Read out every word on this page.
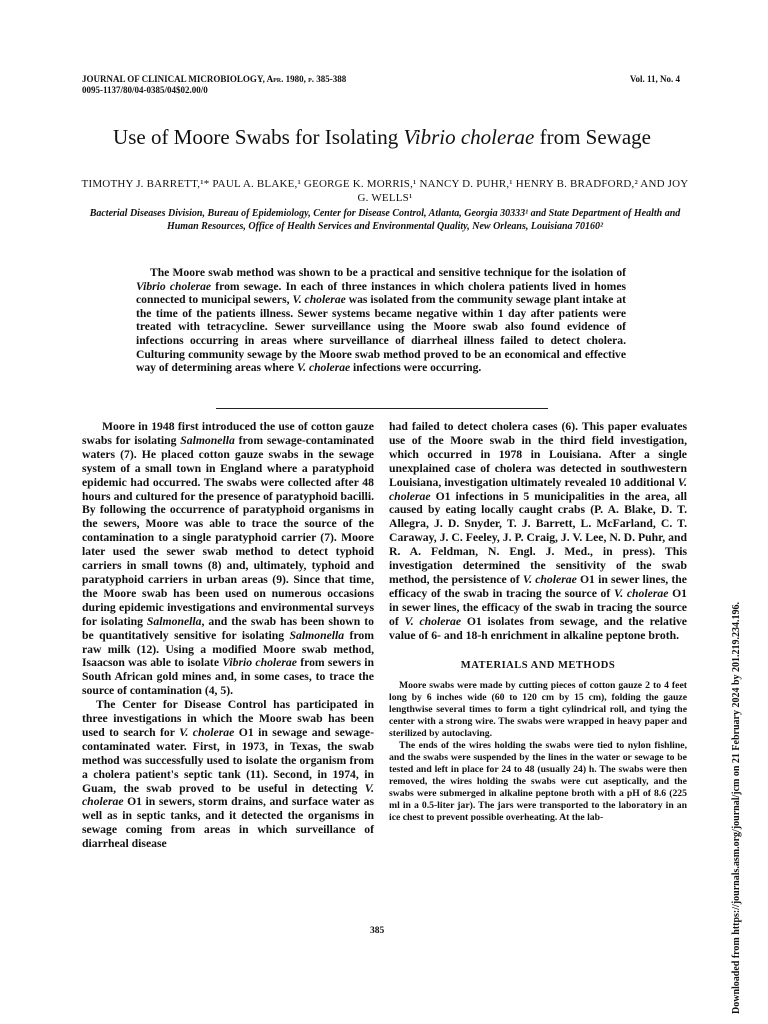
JOURNAL OF CLINICAL MICROBIOLOGY, Apr. 1980, p. 385-388
0095-1137/80/04-0385/04$02.00/0
Vol. 11, No. 4
Use of Moore Swabs for Isolating Vibrio cholerae from Sewage
TIMOTHY J. BARRETT,¹* PAUL A. BLAKE,¹ GEORGE K. MORRIS,¹ NANCY D. PUHR,¹ HENRY B. BRADFORD,² AND JOY G. WELLS¹
Bacterial Diseases Division, Bureau of Epidemiology, Center for Disease Control, Atlanta, Georgia 30333¹ and State Department of Health and Human Resources, Office of Health Services and Environmental Quality, New Orleans, Louisiana 70160²

The Moore swab method was shown to be a practical and sensitive technique for the isolation of Vibrio cholerae from sewage. In each of three instances in which cholera patients lived in homes connected to municipal sewers, V. cholerae was isolated from the community sewage plant intake at the time of the patients illness. Sewer systems became negative within 1 day after patients were treated with tetracycline. Sewer surveillance using the Moore swab also found evidence of infections occurring in areas where surveillance of diarrheal illness failed to detect cholera. Culturing community sewage by the Moore swab method proved to be an economical and effective way of determining areas where V. cholerae infections were occurring.

Moore in 1948 first introduced the use of cotton gauze swabs for isolating Salmonella from sewage-contaminated waters (7). He placed cotton gauze swabs in the sewage system of a small town in England where a paratyphoid epidemic had occurred. The swabs were collected after 48 hours and cultured for the presence of paratyphoid bacilli. By following the occurrence of paratyphoid organisms in the sewers, Moore was able to trace the source of the contamination to a single paratyphoid carrier (7). Moore later used the sewer swab method to detect typhoid carriers in small towns (8) and, ultimately, typhoid and paratyphoid carriers in urban areas (9). Since that time, the Moore swab has been used on numerous occasions during epidemic investigations and environmental surveys for isolating Salmonella, and the swab has been shown to be quantitatively sensitive for isolating Salmonella from raw milk (12). Using a modified Moore swab method, Isaacson was able to isolate Vibrio cholerae from sewers in South African gold mines and, in some cases, to trace the source of contamination (4, 5).

The Center for Disease Control has participated in three investigations in which the Moore swab has been used to search for V. cholerae O1 in sewage and sewage-contaminated water. First, in 1973, in Texas, the swab method was successfully used to isolate the organism from a cholera patient's septic tank (11). Second, in 1974, in Guam, the swab proved to be useful in detecting V. cholerae O1 in sewers, storm drains, and surface water as well as in septic tanks, and it detected the organisms in sewage coming from areas in which surveillance of diarrheal disease

had failed to detect cholera cases (6). This paper evaluates use of the Moore swab in the third field investigation, which occurred in 1978 in Louisiana. After a single unexplained case of cholera was detected in southwestern Louisiana, investigation ultimately revealed 10 additional V. cholerae O1 infections in 5 municipalities in the area, all caused by eating locally caught crabs (P. A. Blake, D. T. Allegra, J. D. Snyder, T. J. Barrett, L. McFarland, C. T. Caraway, J. C. Feeley, J. P. Craig, J. V. Lee, N. D. Puhr, and R. A. Feldman, N. Engl. J. Med., in press). This investigation determined the sensitivity of the swab method, the persistence of V. cholerae O1 in sewer lines, the efficacy of the swab in tracing the source of V. cholerae O1 in sewer lines, the efficacy of the swab in tracing the source of V. cholerae O1 isolates from sewage, and the relative value of 6- and 18-h enrichment in alkaline peptone broth.

MATERIALS AND METHODS

Moore swabs were made by cutting pieces of cotton gauze 2 to 4 feet long by 6 inches wide (60 to 120 cm by 15 cm), folding the gauze lengthwise several times to form a tight cylindrical roll, and tying the center with a strong wire. The swabs were wrapped in heavy paper and sterilized by autoclaving.

The ends of the wires holding the swabs were tied to nylon fishline, and the swabs were suspended by the lines in the water or sewage to be tested and left in place for 24 to 48 (usually 24) h. The swabs were then removed, the wires holding the swabs were cut aseptically, and the swabs were submerged in alkaline peptone broth with a pH of 8.6 (225 ml in a 0.5-liter jar). The jars were transported to the laboratory in an ice chest to prevent possible overheating. At the lab-

385	Downloaded from https://journals.asm.org/journal/jcm on 21 February 2024 by 201.219.234.196.
